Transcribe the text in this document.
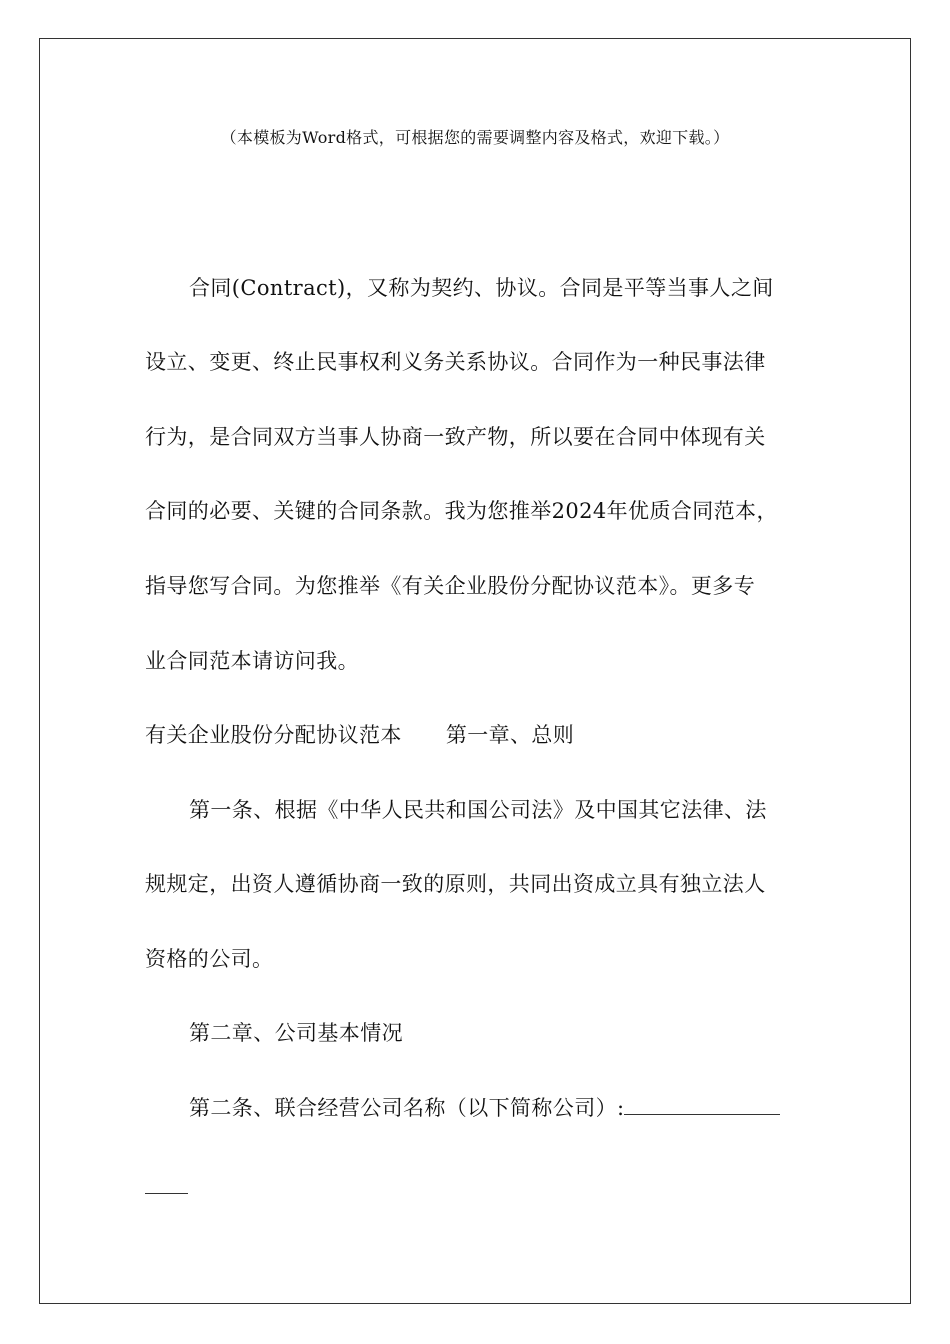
（本模板为Word格式，可根据您的需要调整内容及格式，欢迎下载。）
合同(Contract)，又称为契约、协议。合同是平等当事人之间
设立、变更、终止民事权利义务关系协议。合同作为一种民事法律
行为，是合同双方当事人协商一致产物，所以要在合同中体现有关
合同的必要、关键的合同条款。我为您推举2024年优质合同范本，
指导您写合同。为您推举《有关企业股份分配协议范本》。更多专
业合同范本请访问我。
有关企业股份分配协议范本 第一章、总则
第一条、根据《中华人民共和国公司法》及中国其它法律、法
规规定，出资人遵循协商一致的原则，共同出资成立具有独立法人
资格的公司。
第二章、公司基本情况
第二条、联合经营公司名称（以下简称公司）:
